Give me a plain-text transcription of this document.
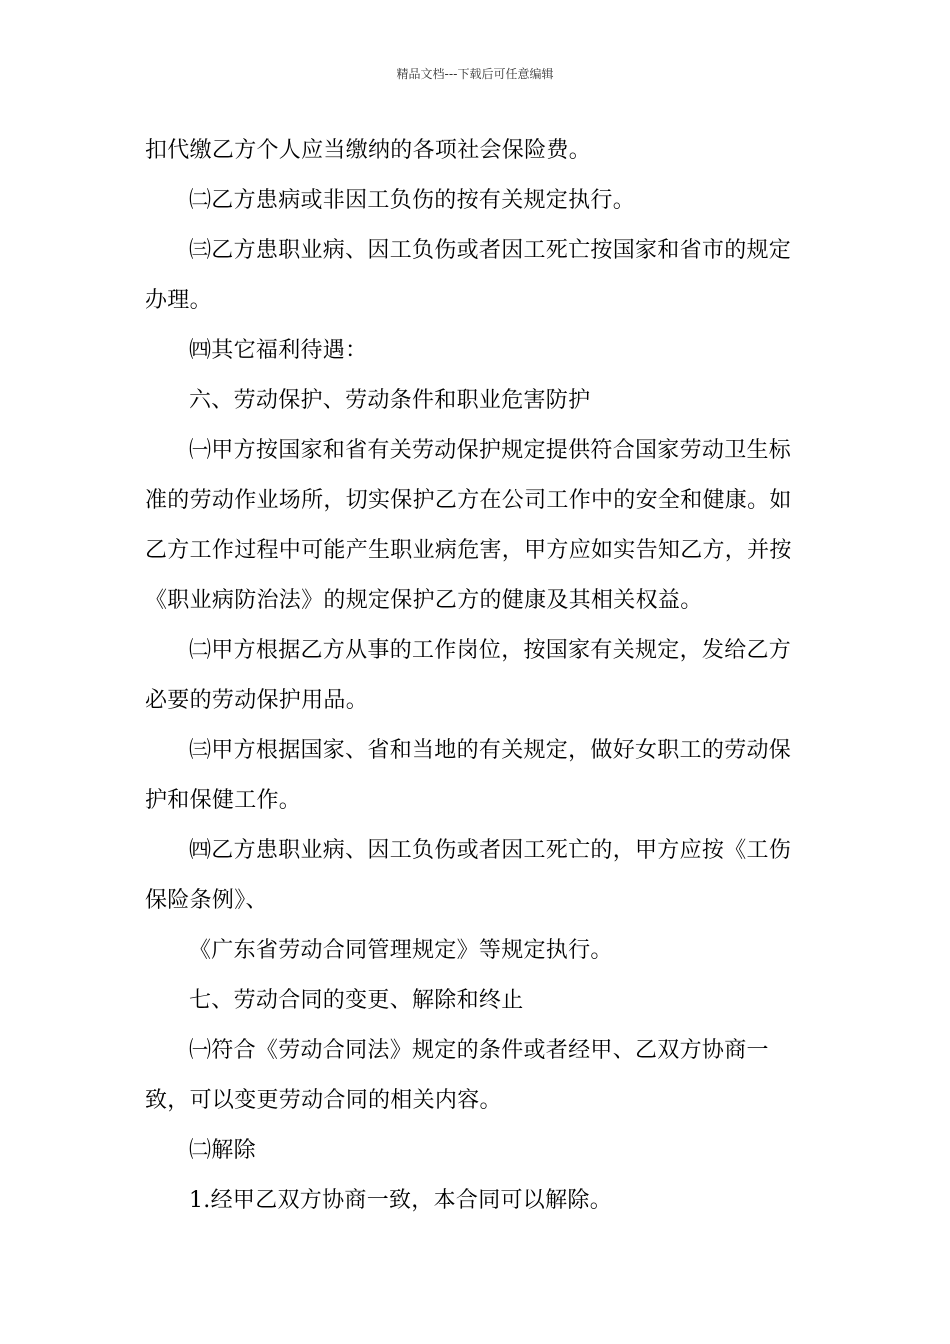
精品文档---下载后可任意编辑

扣代缴乙方个人应当缴纳的各项社会保险费。

㈡乙方患病或非因工负伤的按有关规定执行。

㈢乙方患职业病、因工负伤或者因工死亡按国家和省市的规定办理。

㈣其它福利待遇：

六、劳动保护、劳动条件和职业危害防护

㈠甲方按国家和省有关劳动保护规定提供符合国家劳动卫生标准的劳动作业场所，切实保护乙方在公司工作中的安全和健康。如乙方工作过程中可能产生职业病危害，甲方应如实告知乙方，并按《职业病防治法》的规定保护乙方的健康及其相关权益。

㈡甲方根据乙方从事的工作岗位，按国家有关规定，发给乙方必要的劳动保护用品。

㈢甲方根据国家、省和当地的有关规定，做好女职工的劳动保护和保健工作。

㈣乙方患职业病、因工负伤或者因工死亡的，甲方应按《工伤保险条例》、

《广东省劳动合同管理规定》等规定执行。

七、劳动合同的变更、解除和终止

㈠符合《劳动合同法》规定的条件或者经甲、乙双方协商一致，可以变更劳动合同的相关内容。

㈡解除

1.经甲乙双方协商一致，本合同可以解除。
